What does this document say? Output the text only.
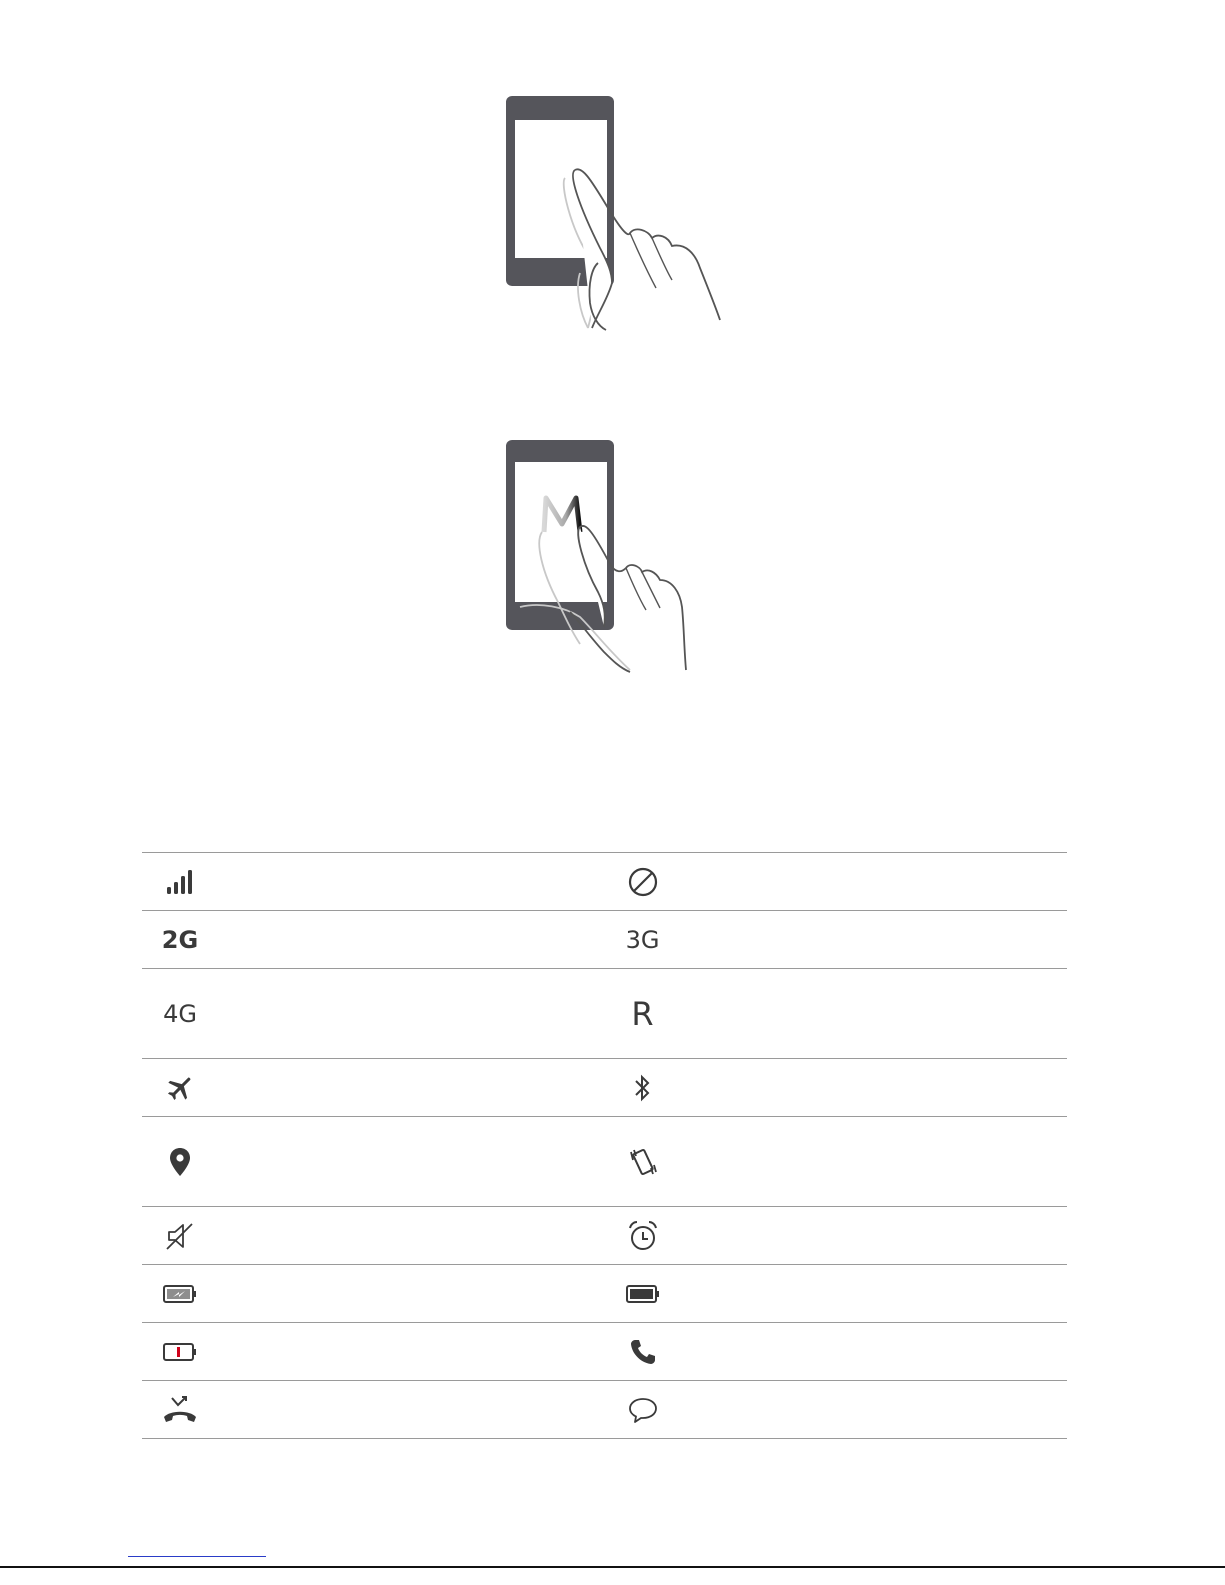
2G	3G

4G	R
